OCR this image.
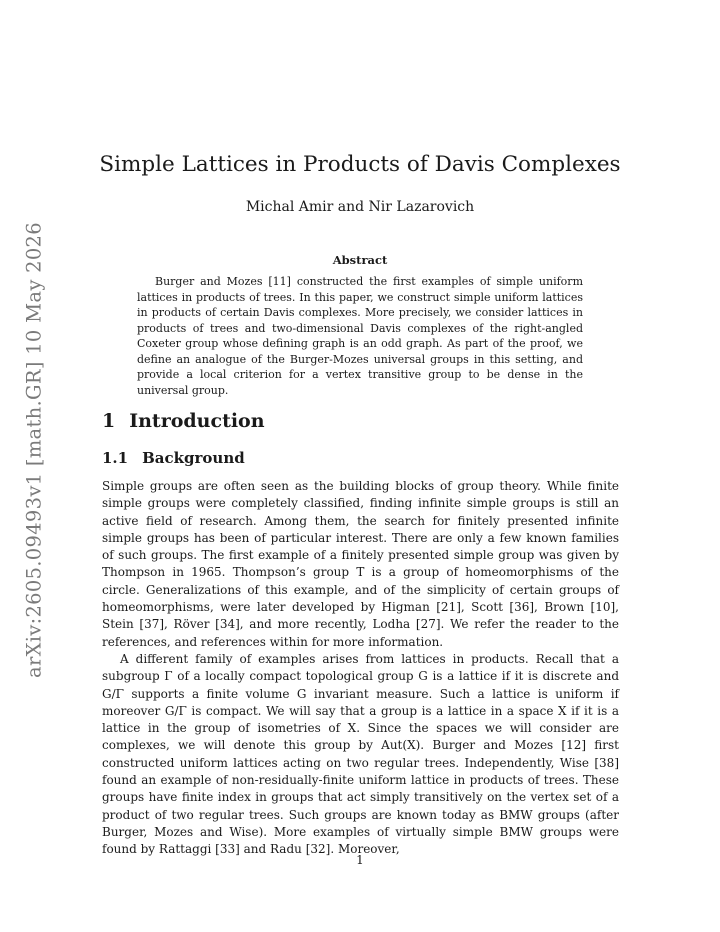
arXiv:2605.09493v1 [math.GR] 10 May 2026
Simple Lattices in Products of Davis Complexes
Michal Amir and Nir Lazarovich
Abstract
Burger and Mozes [11] constructed the first examples of simple uniform lattices in products of trees. In this paper, we construct simple uniform lattices in products of certain Davis complexes. More precisely, we consider lattices in products of trees and two-dimensional Davis complexes of the right-angled Coxeter group whose defining graph is an odd graph. As part of the proof, we define an analogue of the Burger-Mozes universal groups in this setting, and provide a local criterion for a vertex transitive group to be dense in the universal group.
1 Introduction
1.1 Background

Simple groups are often seen as the building blocks of group theory. While finite simple groups were completely classified, finding infinite simple groups is still an active field of research. Among them, the search for finitely presented infinite simple groups has been of particular interest. There are only a few known families of such groups. The first example of a finitely presented simple group was given by Thompson in 1965. Thompson’s group T is a group of homeomorphisms of the circle. Generalizations of this example, and of the simplicity of certain groups of homeomorphisms, were later developed by Higman [21], Scott [36], Brown [10], Stein [37], Röver [34], and more recently, Lodha [27]. We refer the reader to the references, and references within for more information.

A different family of examples arises from lattices in products. Recall that a subgroup Γ of a locally compact topological group G is a lattice if it is discrete and G/Γ supports a finite volume G invariant measure. Such a lattice is uniform if moreover G/Γ is compact. We will say that a group is a lattice in a space X if it is a lattice in the group of isometries of X. Since the spaces we will consider are complexes, we will denote this group by Aut(X). Burger and Mozes [12] first constructed uniform lattices acting on two regular trees. Independently, Wise [38] found an example of non-residually-finite uniform lattice in products of trees. These groups have finite index in groups that act simply transitively on the vertex set of a product of two regular trees. Such groups are known today as BMW groups (after Burger, Mozes and Wise). More examples of virtually simple BMW groups were found by Rattaggi [33] and Radu [32]. Moreover,

1
